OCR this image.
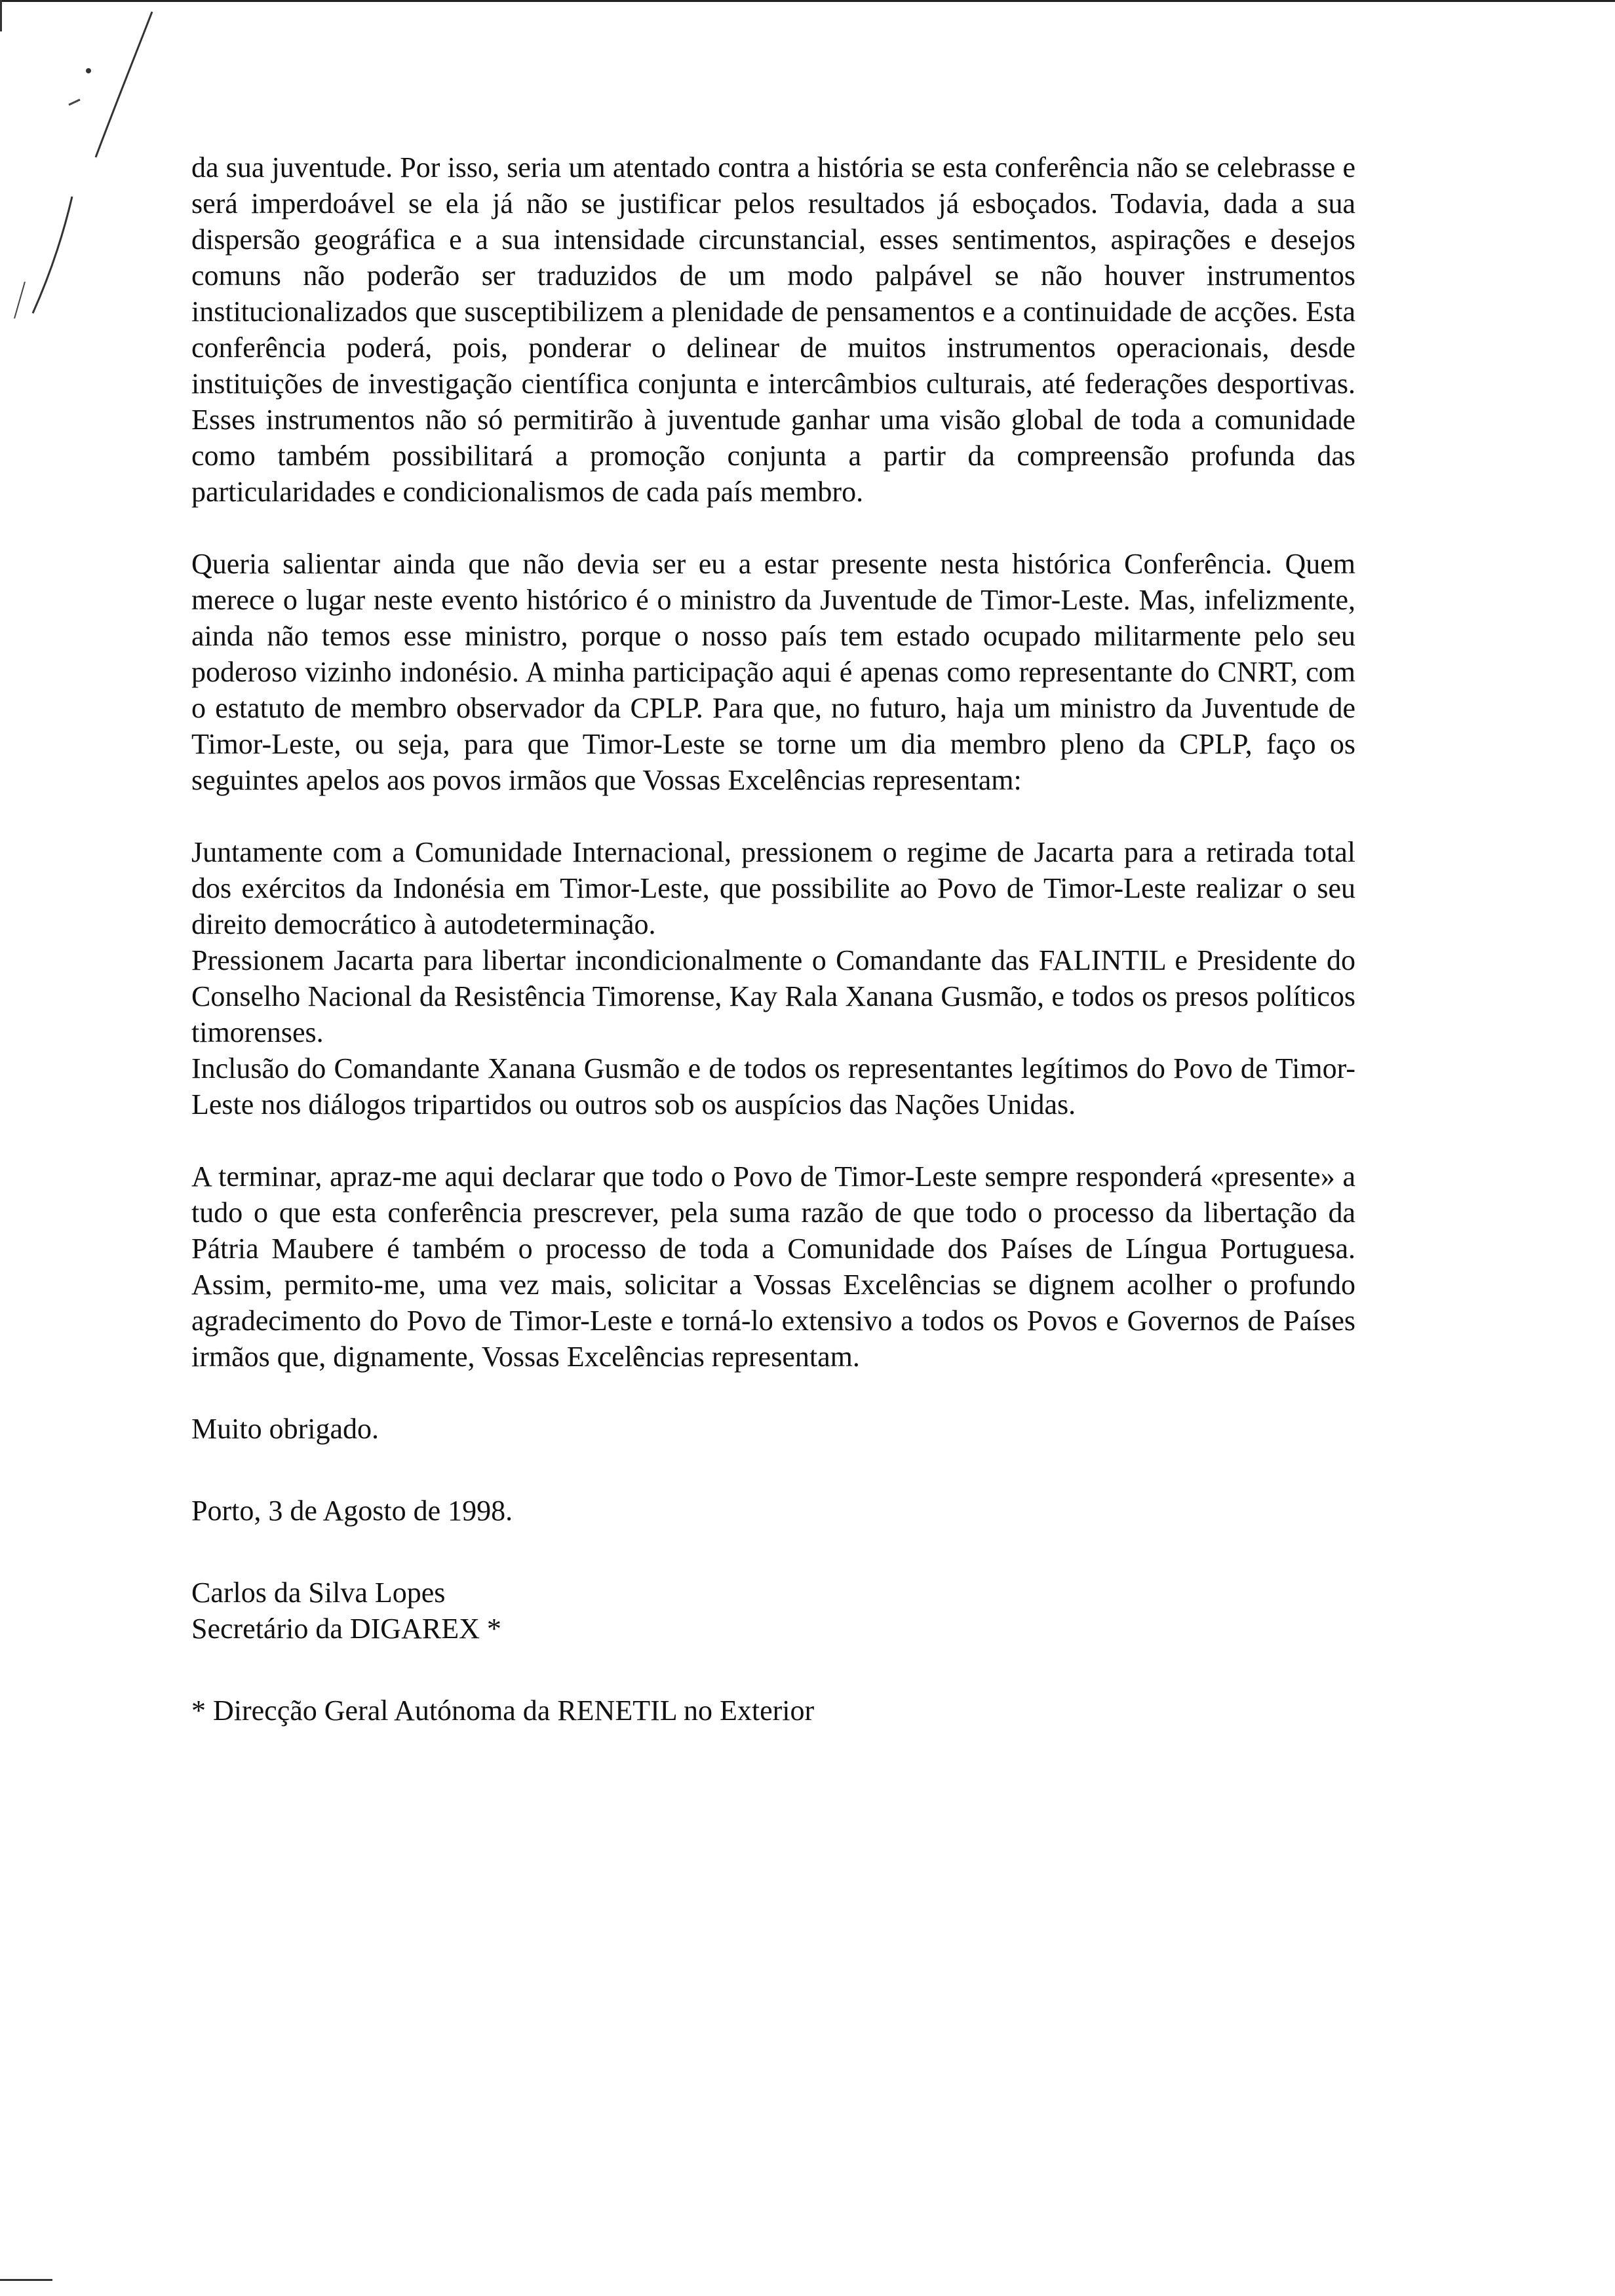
da sua juventude. Por isso, seria um atentado contra a história se esta conferência não se celebrasse e será imperdoável se ela já não se justificar pelos resultados já esboçados. Todavia, dada a sua dispersão geográfica e a sua intensidade circunstancial, esses sentimentos, aspirações e desejos comuns não poderão ser traduzidos de um modo palpável se não houver instrumentos institucionalizados que susceptibilizem a plenidade de pensamentos e a continuidade de acções. Esta conferência poderá, pois, ponderar o delinear de muitos instrumentos operacionais, desde instituições de investigação científica conjunta e intercâmbios culturais, até federações desportivas. Esses instrumentos não só permitirão à juventude ganhar uma visão global de toda a comunidade como também possibilitará a promoção conjunta a partir da compreensão profunda das particularidades e condicionalismos de cada país membro.

Queria salientar ainda que não devia ser eu a estar presente nesta histórica Conferência. Quem merece o lugar neste evento histórico é o ministro da Juventude de Timor-Leste. Mas, infelizmente, ainda não temos esse ministro, porque o nosso país tem estado ocupado militarmente pelo seu poderoso vizinho indonésio. A minha participação aqui é apenas como representante do CNRT, com o estatuto de membro observador da CPLP. Para que, no futuro, haja um ministro da Juventude de Timor-Leste, ou seja, para que Timor-Leste se torne um dia membro pleno da CPLP, faço os seguintes apelos aos povos irmãos que Vossas Excelências representam:

Juntamente com a Comunidade Internacional, pressionem o regime de Jacarta para a retirada total dos exércitos da Indonésia em Timor-Leste, que possibilite ao Povo de Timor-Leste realizar o seu direito democrático à autodeterminação.

Pressionem Jacarta para libertar incondicionalmente o Comandante das FALINTIL e Presidente do Conselho Nacional da Resistência Timorense, Kay Rala Xanana Gusmão, e todos os presos políticos timorenses.

Inclusão do Comandante Xanana Gusmão e de todos os representantes legítimos do Povo de Timor-Leste nos diálogos tripartidos ou outros sob os auspícios das Nações Unidas.

A terminar, apraz-me aqui declarar que todo o Povo de Timor-Leste sempre responderá «presente» a tudo o que esta conferência prescrever, pela suma razão de que todo o processo da libertação da Pátria Maubere é também o processo de toda a Comunidade dos Países de Língua Portuguesa. Assim, permito-me, uma vez mais, solicitar a Vossas Excelências se dignem acolher o profundo agradecimento do Povo de Timor-Leste e torná-lo extensivo a todos os Povos e Governos de Países irmãos que, dignamente, Vossas Excelências representam.

Muito obrigado.

Porto, 3 de Agosto de 1998.

Carlos da Silva Lopes
Secretário da DIGAREX *

* Direcção Geral Autónoma da RENETIL no Exterior
